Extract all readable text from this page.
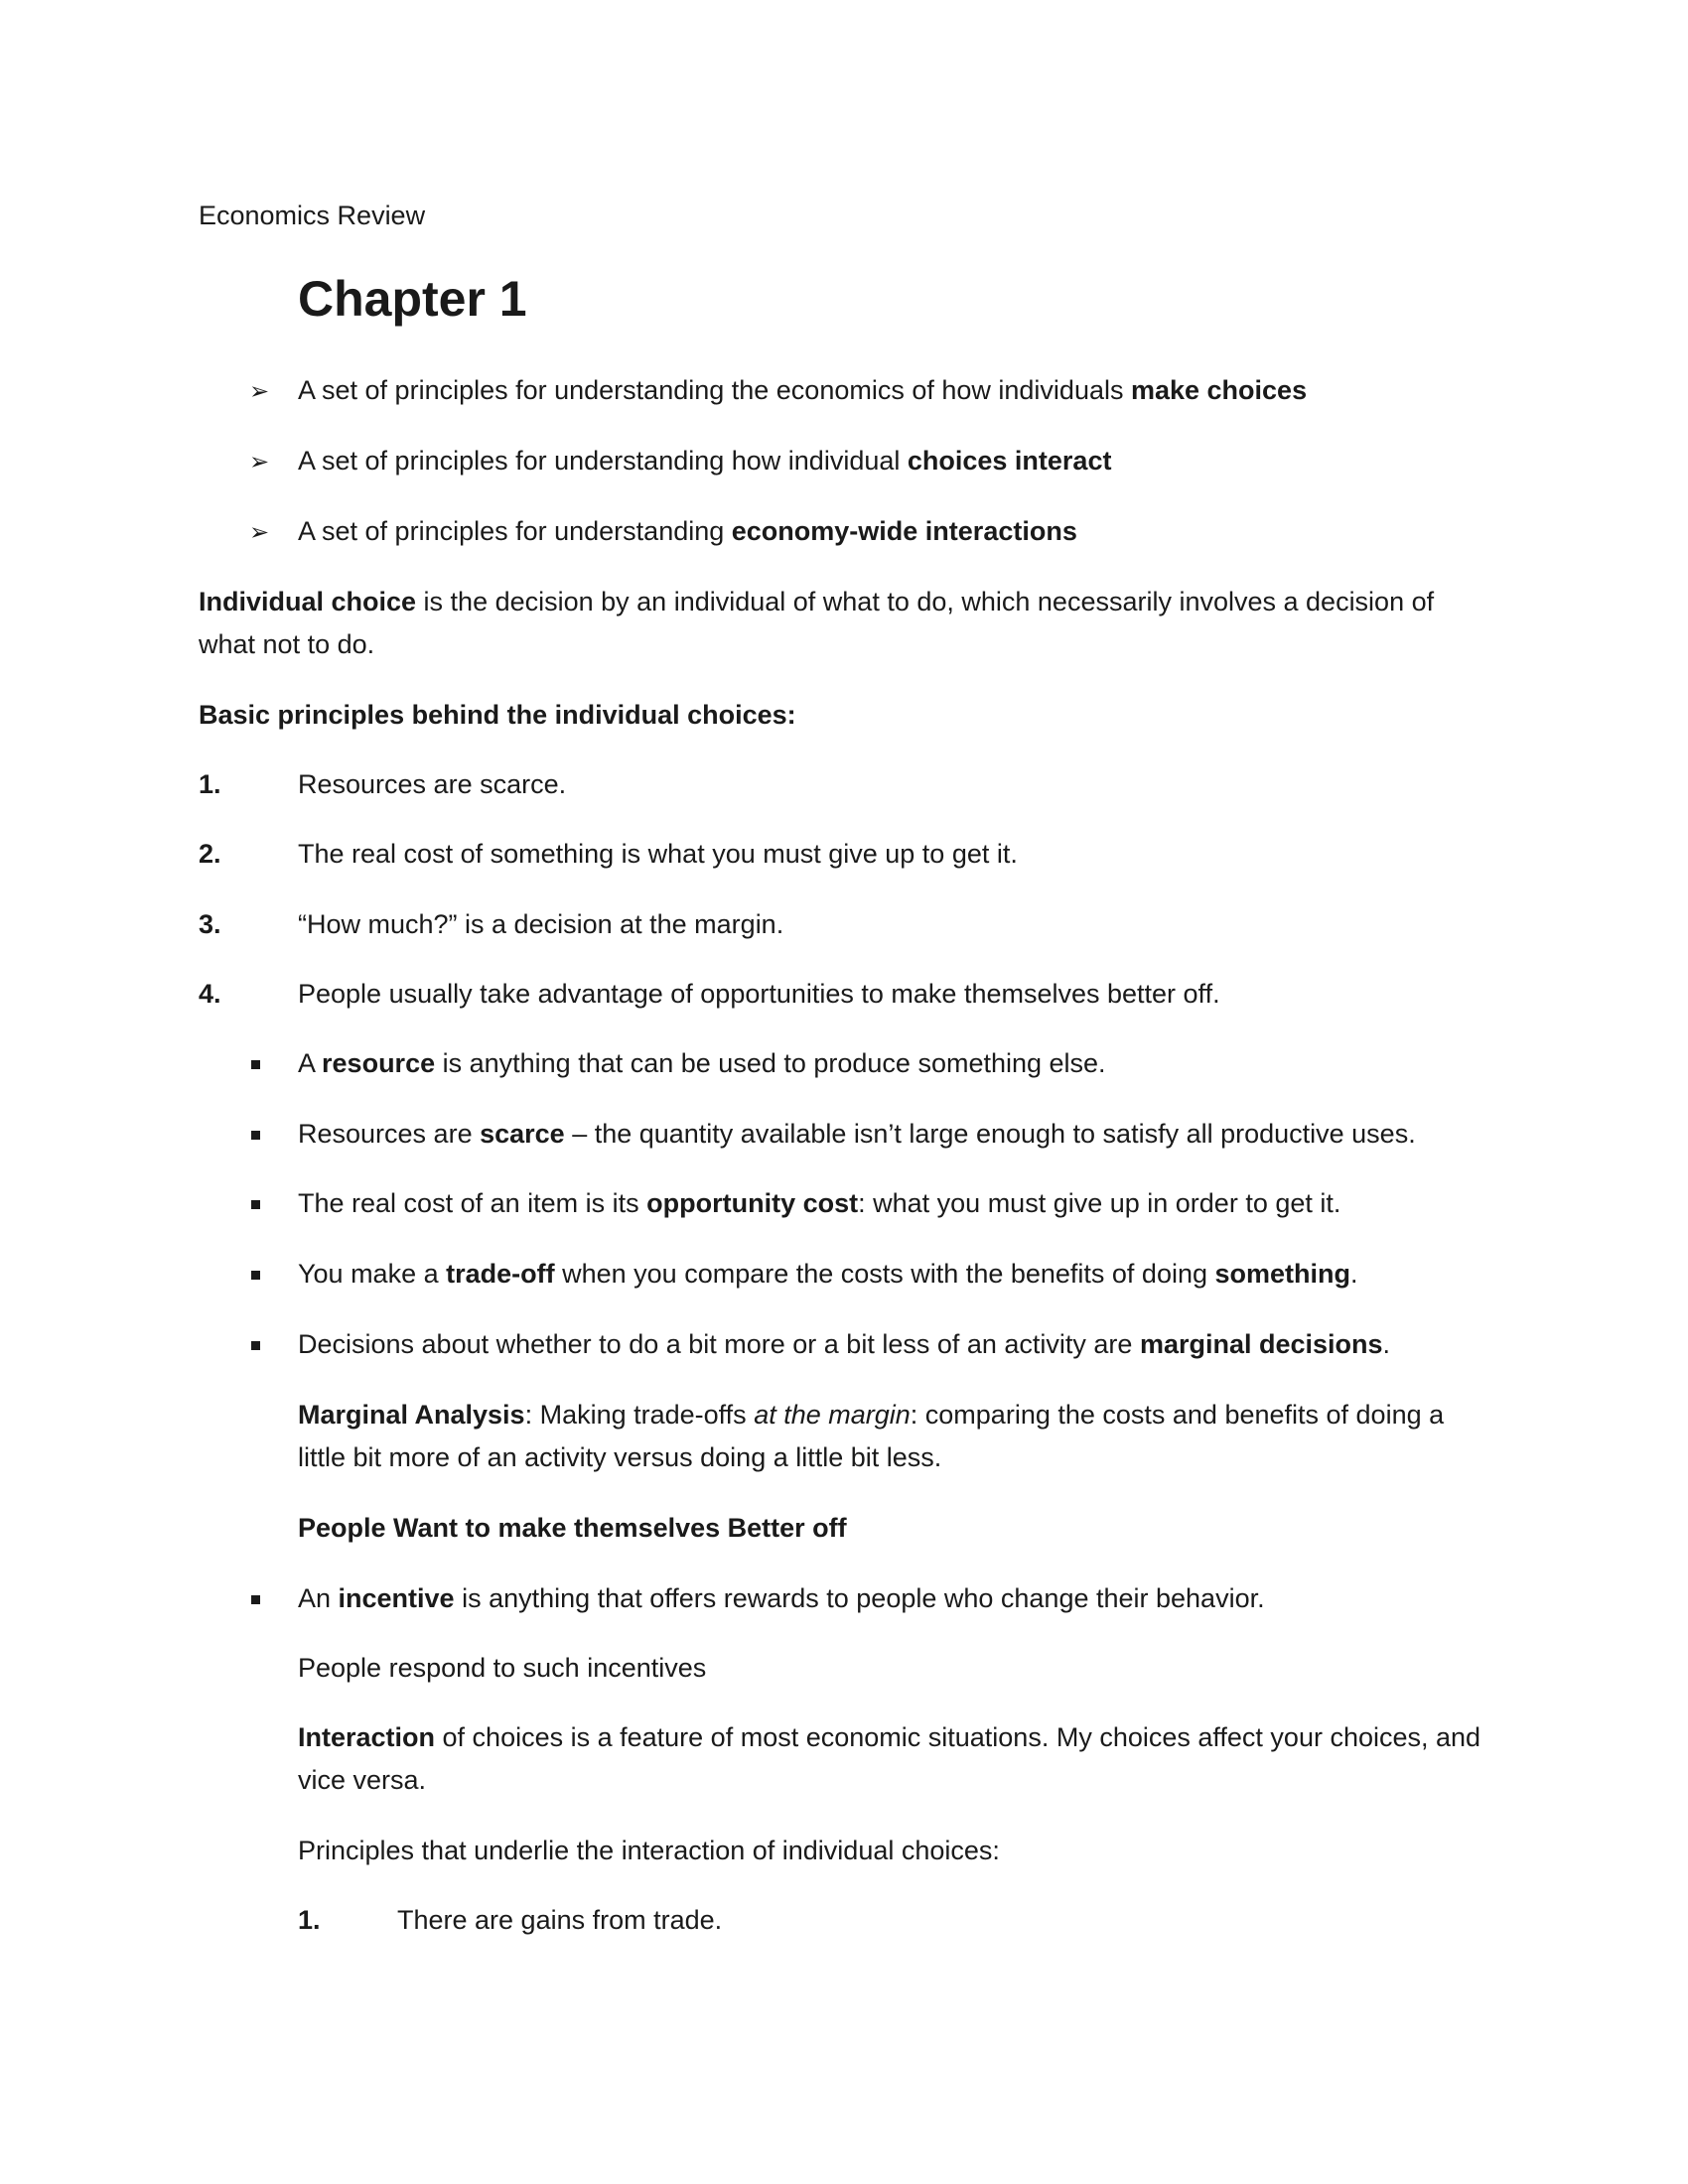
Economics Review
Chapter 1
➢ A set of principles for understanding the economics of how individuals make choices
➢ A set of principles for understanding how individual choices interact
➢ A set of principles for understanding economy-wide interactions
Individual choice is the decision by an individual of what to do, which necessarily involves a decision of what not to do.
Basic principles behind the individual choices:
1.	Resources are scarce.
2.	The real cost of something is what you must give up to get it.
3.	“How much?” is a decision at the margin.
4.	People usually take advantage of opportunities to make themselves better off.
A resource is anything that can be used to produce something else.
Resources are scarce – the quantity available isn’t large enough to satisfy all productive uses.
The real cost of an item is its opportunity cost: what you must give up in order to get it.
You make a trade-off when you compare the costs with the benefits of doing something.
Decisions about whether to do a bit more or a bit less of an activity are marginal decisions.
Marginal Analysis: Making trade-offs at the margin: comparing the costs and benefits of doing a little bit more of an activity versus doing a little bit less.
People Want to make themselves Better off
An incentive is anything that offers rewards to people who change their behavior.
People respond to such incentives
Interaction of choices is a feature of most economic situations. My choices affect your choices, and vice versa.
Principles that underlie the interaction of individual choices:
1.	There are gains from trade.
